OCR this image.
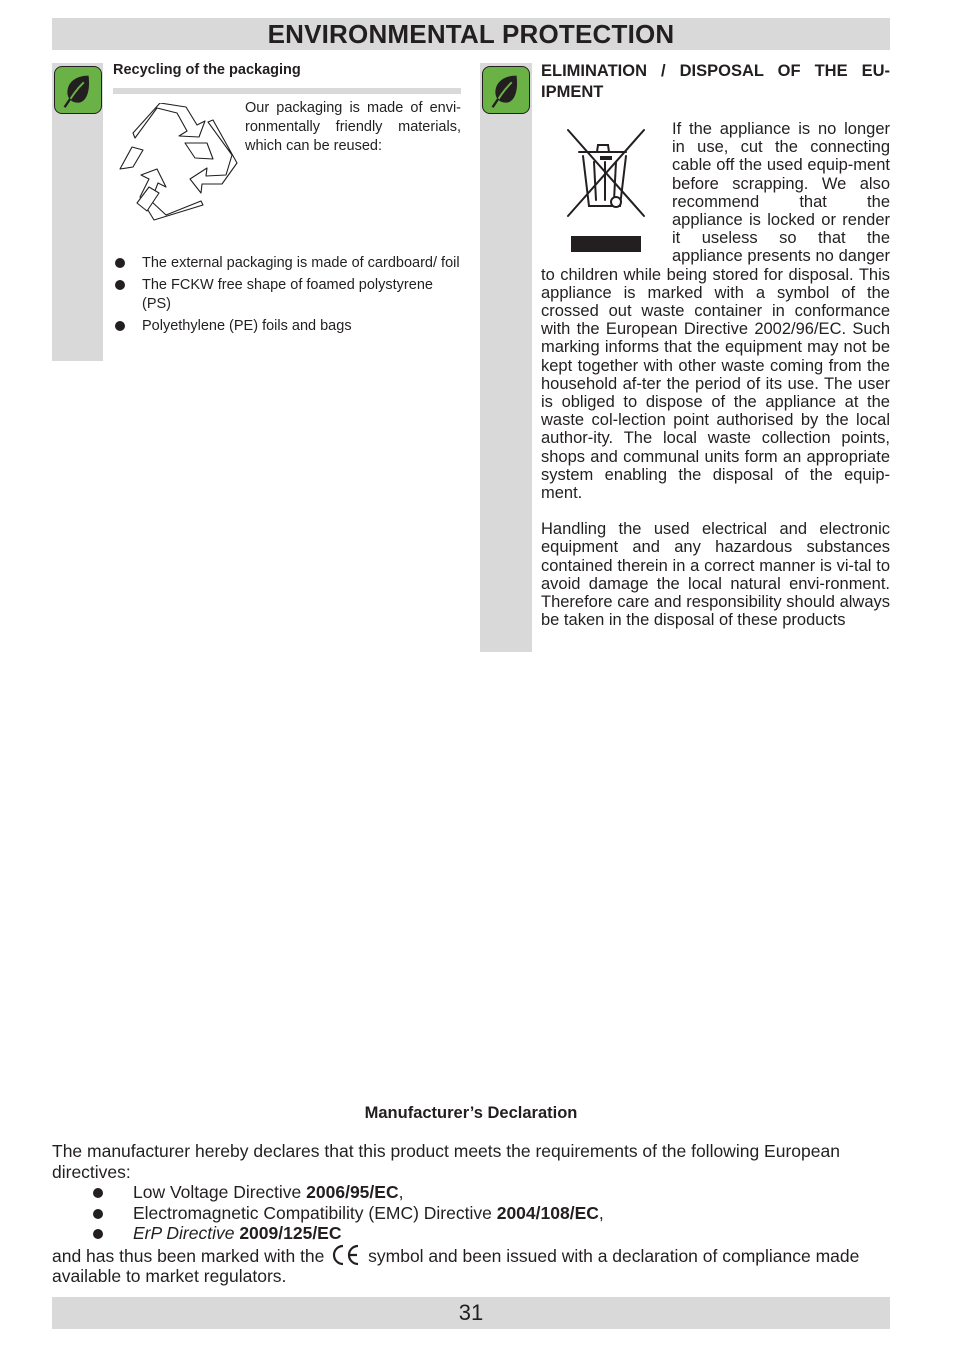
ENVIRONMENTAL PROTECTION
Recycling of the packaging
Our packaging is made of envi-ronmentally friendly materials, which can be reused:
The external packaging is made of cardboard/ foil
The FCKW free shape of foamed polystyrene (PS)
Polyethylene (PE) foils and bags
ELIMINATION / DISPOSAL OF THE EU-IPMENT

If the appliance is no longer in use, cut the connecting cable off the used equip-ment before scrapping. We also recommend that the appliance is locked or render it useless so that the appliance presents no danger to children while being stored for disposal. This appliance is marked with a symbol of the crossed out waste container in conformance with the European Directive 2002/96/EC. Such marking informs that the equipment may not be kept together with other waste coming from the household af-ter the period of its use. The user is obliged to dispose of the appliance at the waste col-lection point authorised by the local author-ity. The local waste collection points, shops and communal units form an appropriate system enabling the disposal of the equip-ment.

Handling the used electrical and electronic equipment and any hazardous substances contained therein in a correct manner is vi-tal to avoid damage the local natural envi-ronment. Therefore care and responsibility should always be taken in the disposal of these products

Manufacturer’s Declaration

The manufacturer hereby declares that this product meets the requirements of the following European directives:

Low Voltage Directive 2006/95/EC,
Electromagnetic Compatibility (EMC) Directive 2004/108/EC,
ErP Directive 2009/125/EC

and has thus been marked with the  symbol and been issued with a declaration of compliance made available to market regulators.

31
